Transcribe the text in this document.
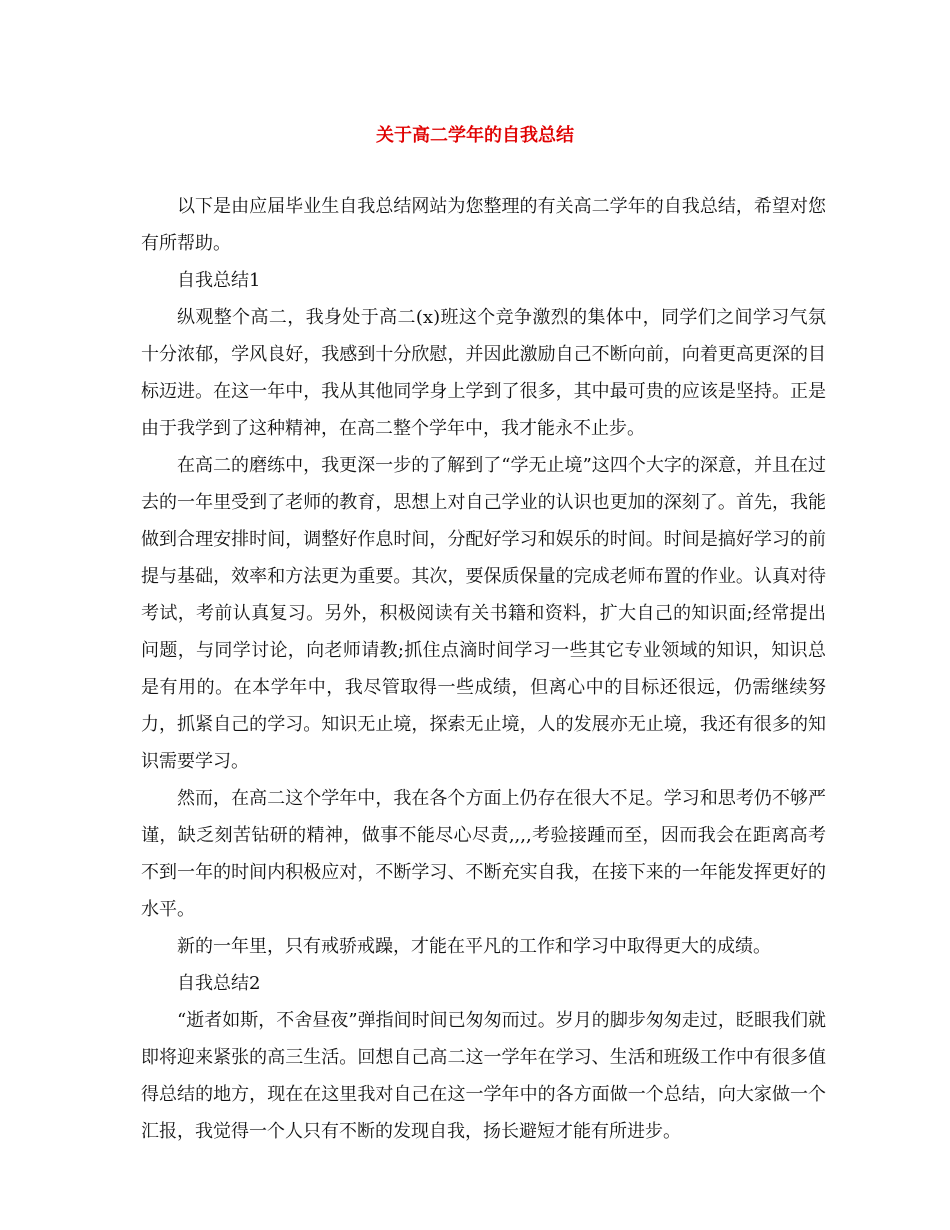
关于高二学年的自我总结

以下是由应届毕业生自我总结网站为您整理的有关高二学年的自我总结，希望对您有所帮助。

自我总结1

纵观整个高二，我身处于高二(x)班这个竞争激烈的集体中，同学们之间学习气氛十分浓郁，学风良好，我感到十分欣慰，并因此激励自己不断向前，向着更高更深的目标迈进。在这一年中，我从其他同学身上学到了很多，其中最可贵的应该是坚持。正是由于我学到了这种精神，在高二整个学年中，我才能永不止步。

在高二的磨练中，我更深一步的了解到了“学无止境”这四个大字的深意，并且在过去的一年里受到了老师的教育，思想上对自己学业的认识也更加的深刻了。首先，我能做到合理安排时间，调整好作息时间，分配好学习和娱乐的时间。时间是搞好学习的前提与基础，效率和方法更为重要。其次，要保质保量的完成老师布置的作业。认真对待考试，考前认真复习。另外，积极阅读有关书籍和资料，扩大自己的知识面;经常提出问题，与同学讨论，向老师请教;抓住点滴时间学习一些其它专业领域的知识，知识总是有用的。在本学年中，我尽管取得一些成绩，但离心中的目标还很远，仍需继续努力，抓紧自己的学习。知识无止境，探索无止境，人的发展亦无止境，我还有很多的知识需要学习。

然而，在高二这个学年中，我在各个方面上仍存在很大不足。学习和思考仍不够严谨，缺乏刻苦钻研的精神，做事不能尽心尽责,,,,考验接踵而至，因而我会在距离高考不到一年的时间内积极应对，不断学习、不断充实自我，在接下来的一年能发挥更好的水平。

新的一年里，只有戒骄戒躁，才能在平凡的工作和学习中取得更大的成绩。

自我总结2

“逝者如斯，不舍昼夜”弹指间时间已匆匆而过。岁月的脚步匆匆走过，眨眼我们就即将迎来紧张的高三生活。回想自己高二这一学年在学习、生活和班级工作中有很多值得总结的地方，现在在这里我对自己在这一学年中的各方面做一个总结，向大家做一个汇报，我觉得一个人只有不断的发现自我，扬长避短才能有所进步。
